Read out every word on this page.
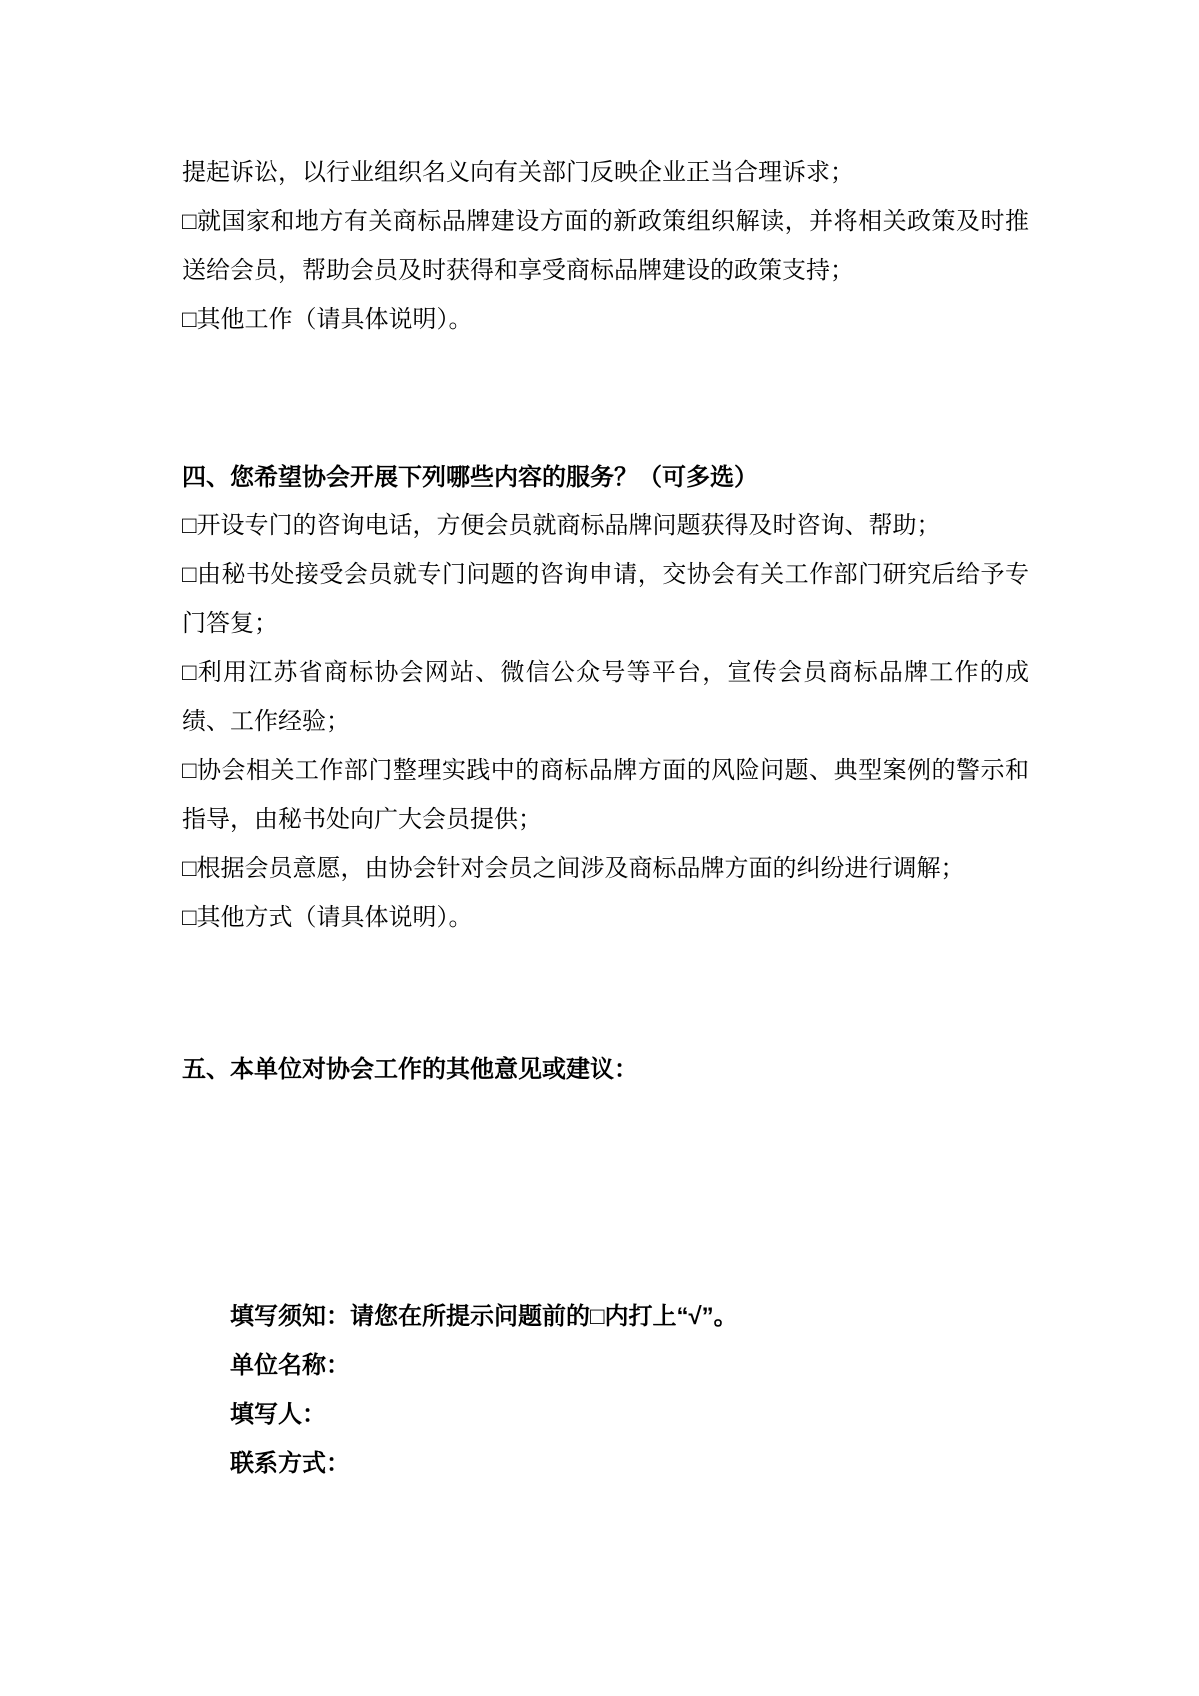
提起诉讼，以行业组织名义向有关部门反映企业正当合理诉求；

□就国家和地方有关商标品牌建设方面的新政策组织解读，并将相关政策及时推送给会员，帮助会员及时获得和享受商标品牌建设的政策支持；

□其他工作（请具体说明）。

四、您希望协会开展下列哪些内容的服务？（可多选）

□开设专门的咨询电话，方便会员就商标品牌问题获得及时咨询、帮助；

□由秘书处接受会员就专门问题的咨询申请，交协会有关工作部门研究后给予专门答复；

□利用江苏省商标协会网站、微信公众号等平台，宣传会员商标品牌工作的成绩、工作经验；

□协会相关工作部门整理实践中的商标品牌方面的风险问题、典型案例的警示和指导，由秘书处向广大会员提供；

□根据会员意愿，由协会针对会员之间涉及商标品牌方面的纠纷进行调解；

□其他方式（请具体说明）。

五、本单位对协会工作的其他意见或建议：

填写须知：请您在所提示问题前的□内打上“√”。

单位名称：

填写人：

联系方式：
